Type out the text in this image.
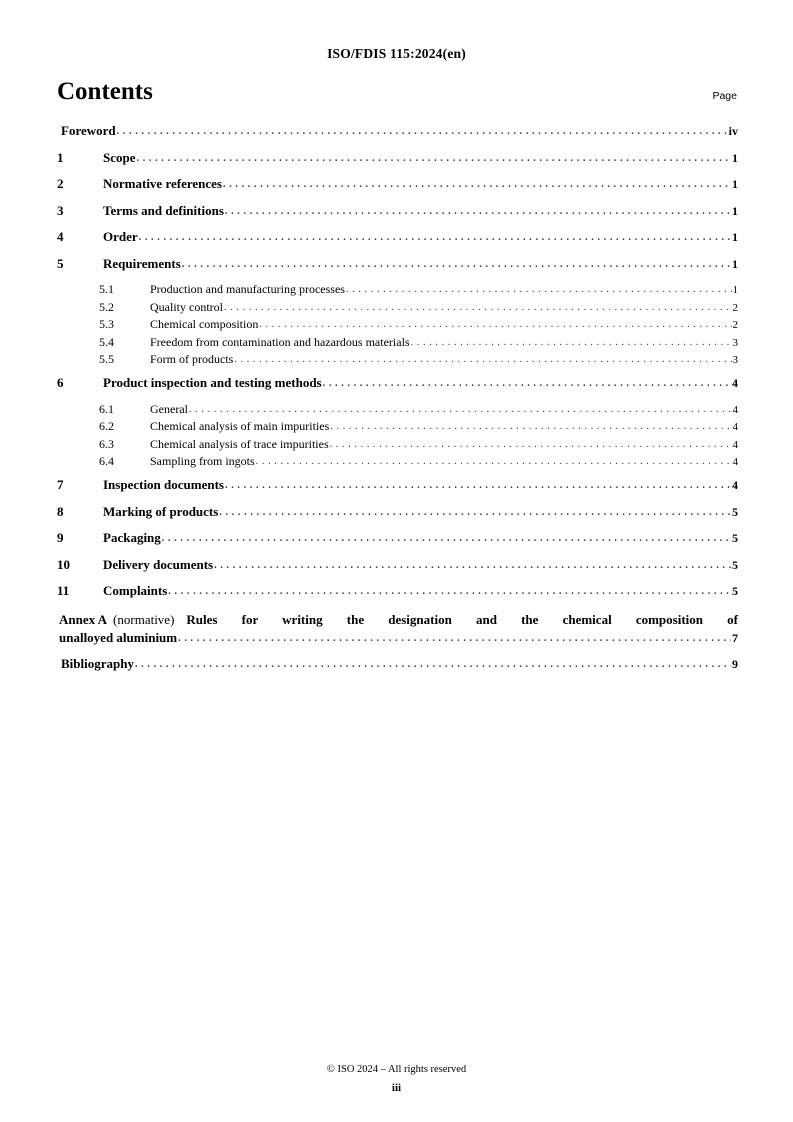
ISO/FDIS 115:2024(en)
Contents	Page
Foreword . . .	iv
1	Scope . . .	1
2	Normative references . . .	1
3	Terms and definitions . . .	1
4	Order . . .	1
5	Requirements . . .	1
5.1	Production and manufacturing processes . . .	1
5.2	Quality control . . .	2
5.3	Chemical composition . . .	2
5.4	Freedom from contamination and hazardous materials . . .	3
5.5	Form of products . . .	3
6	Product inspection and testing methods . . .	4
6.1	General . . .	4
6.2	Chemical analysis of main impurities . . .	4
6.3	Chemical analysis of trace impurities . . .	4
6.4	Sampling from ingots . . .	4
7	Inspection documents . . .	4
8	Marking of products . . .	5
9	Packaging . . .	5
10	Delivery documents . . .	5
11	Complaints . . .	5
Annex A (normative) Rules for writing the designation and the chemical composition of
unalloyed aluminium . . .	7
Bibliography . . .	9
© ISO 2024 – All rights reserved
iii
